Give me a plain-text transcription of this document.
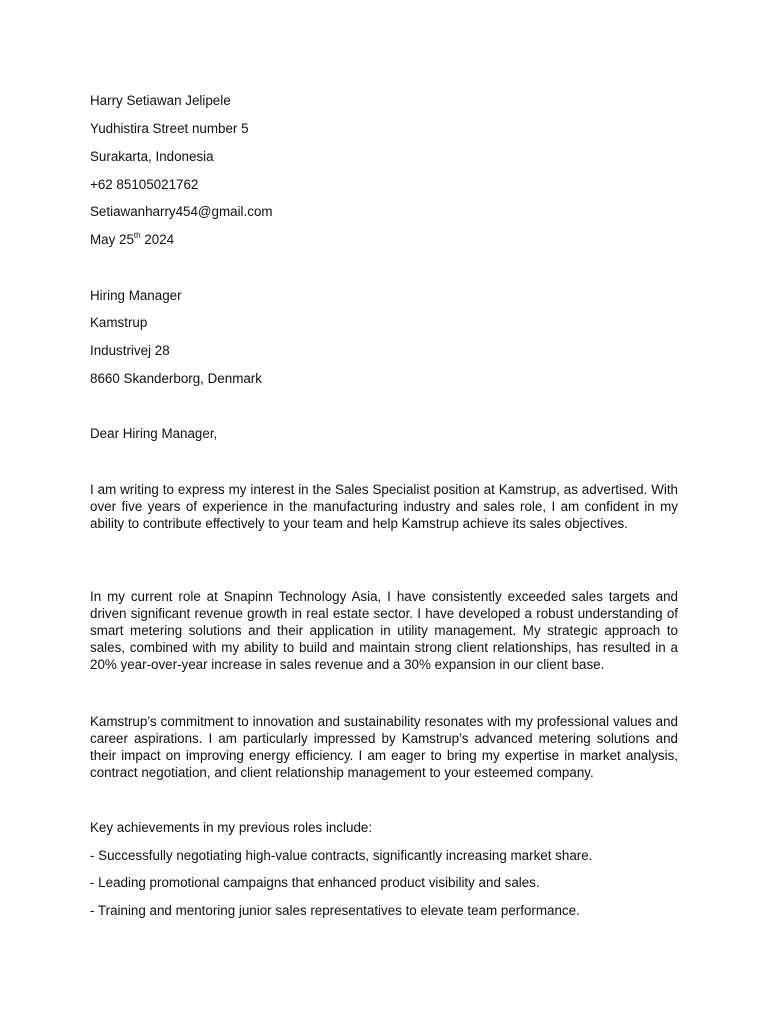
Harry Setiawan Jelipele
Yudhistira Street number 5
Surakarta, Indonesia
+62 85105021762
Setiawanharry454@gmail.com
May 25th 2024
Hiring Manager
Kamstrup
Industrivej 28
8660 Skanderborg, Denmark
Dear Hiring Manager,

I am writing to express my interest in the Sales Specialist position at Kamstrup, as advertised. With over five years of experience in the manufacturing industry and sales role, I am confident in my ability to contribute effectively to your team and help Kamstrup achieve its sales objectives.

In my current role at Snapinn Technology Asia, I have consistently exceeded sales targets and driven significant revenue growth in real estate sector. I have developed a robust understanding of smart metering solutions and their application in utility management. My strategic approach to sales, combined with my ability to build and maintain strong client relationships, has resulted in a 20% year-over-year increase in sales revenue and a 30% expansion in our client base.

Kamstrup’s commitment to innovation and sustainability resonates with my professional values and career aspirations. I am particularly impressed by Kamstrup’s advanced metering solutions and their impact on improving energy efficiency. I am eager to bring my expertise in market analysis, contract negotiation, and client relationship management to your esteemed company.

Key achievements in my previous roles include:
- Successfully negotiating high-value contracts, significantly increasing market share.
- Leading promotional campaigns that enhanced product visibility and sales.
- Training and mentoring junior sales representatives to elevate team performance.
